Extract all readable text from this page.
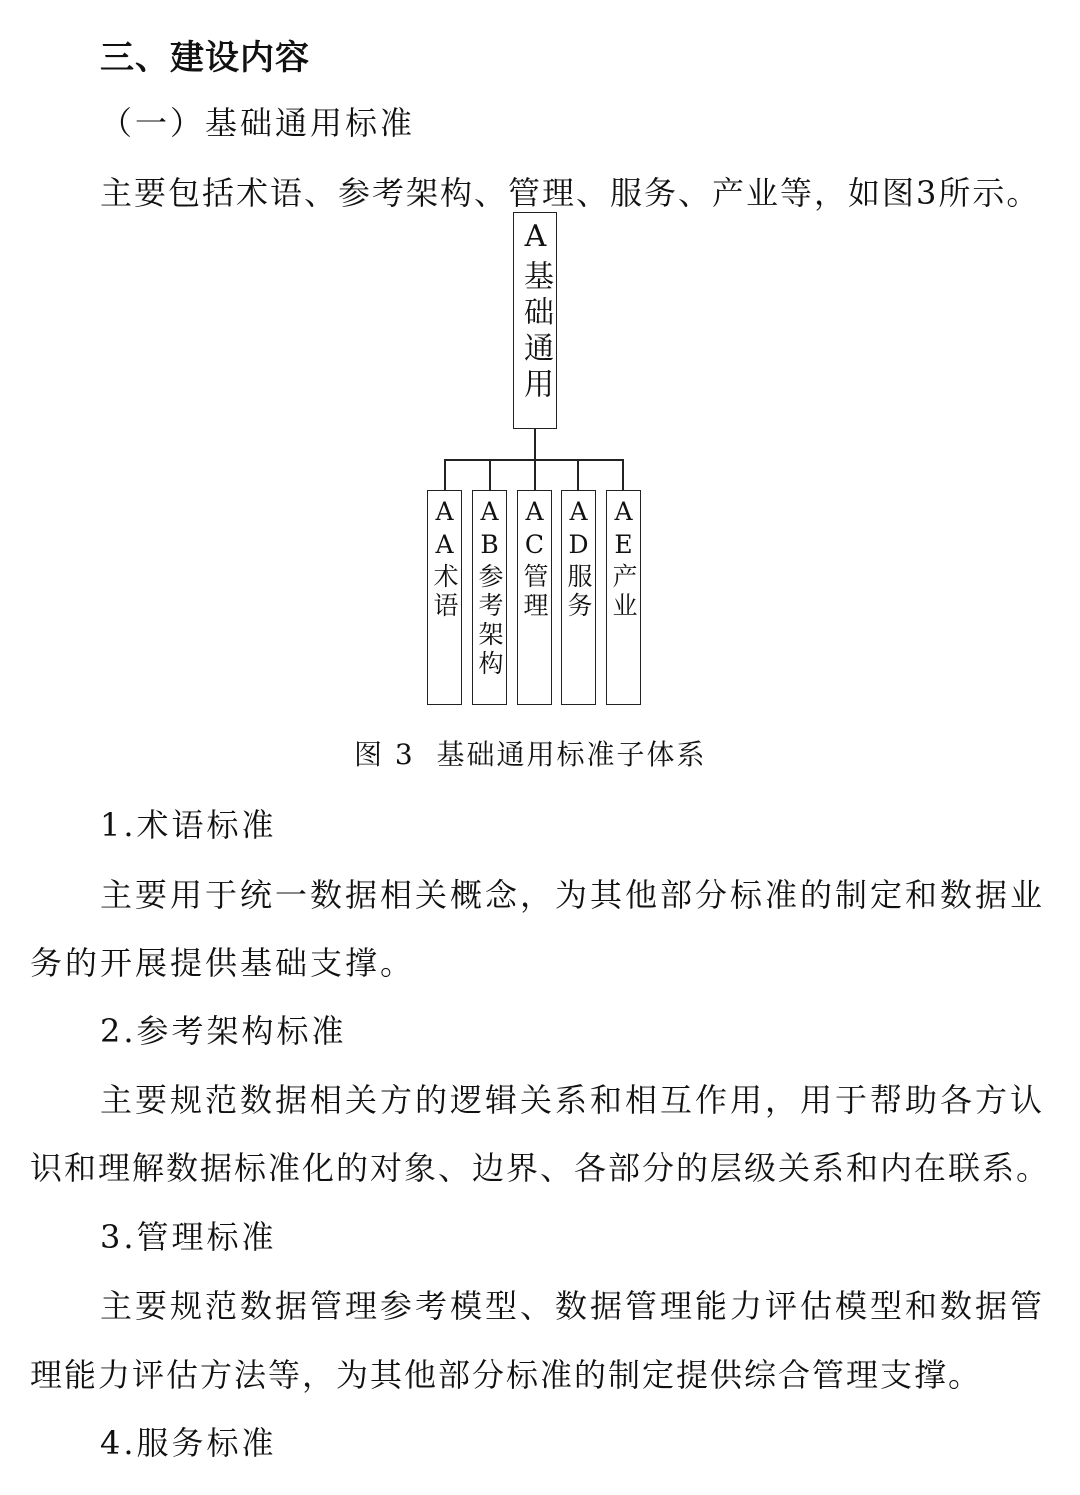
三、建设内容
（一）基础通用标准
主要包括术语、参考架构、管理、服务、产业等，如图3所示。
A基础通用
AA术语 AB参考架构 AC管理 AD服务 AE产业
图 3  基础通用标准子体系
1.术语标准
主要用于统一数据相关概念，为其他部分标准的制定和数据业
务的开展提供基础支撑。
2.参考架构标准
主要规范数据相关方的逻辑关系和相互作用，用于帮助各方认
识和理解数据标准化的对象、边界、各部分的层级关系和内在联系。
3.管理标准
主要规范数据管理参考模型、数据管理能力评估模型和数据管
理能力评估方法等，为其他部分标准的制定提供综合管理支撑。
4.服务标准
